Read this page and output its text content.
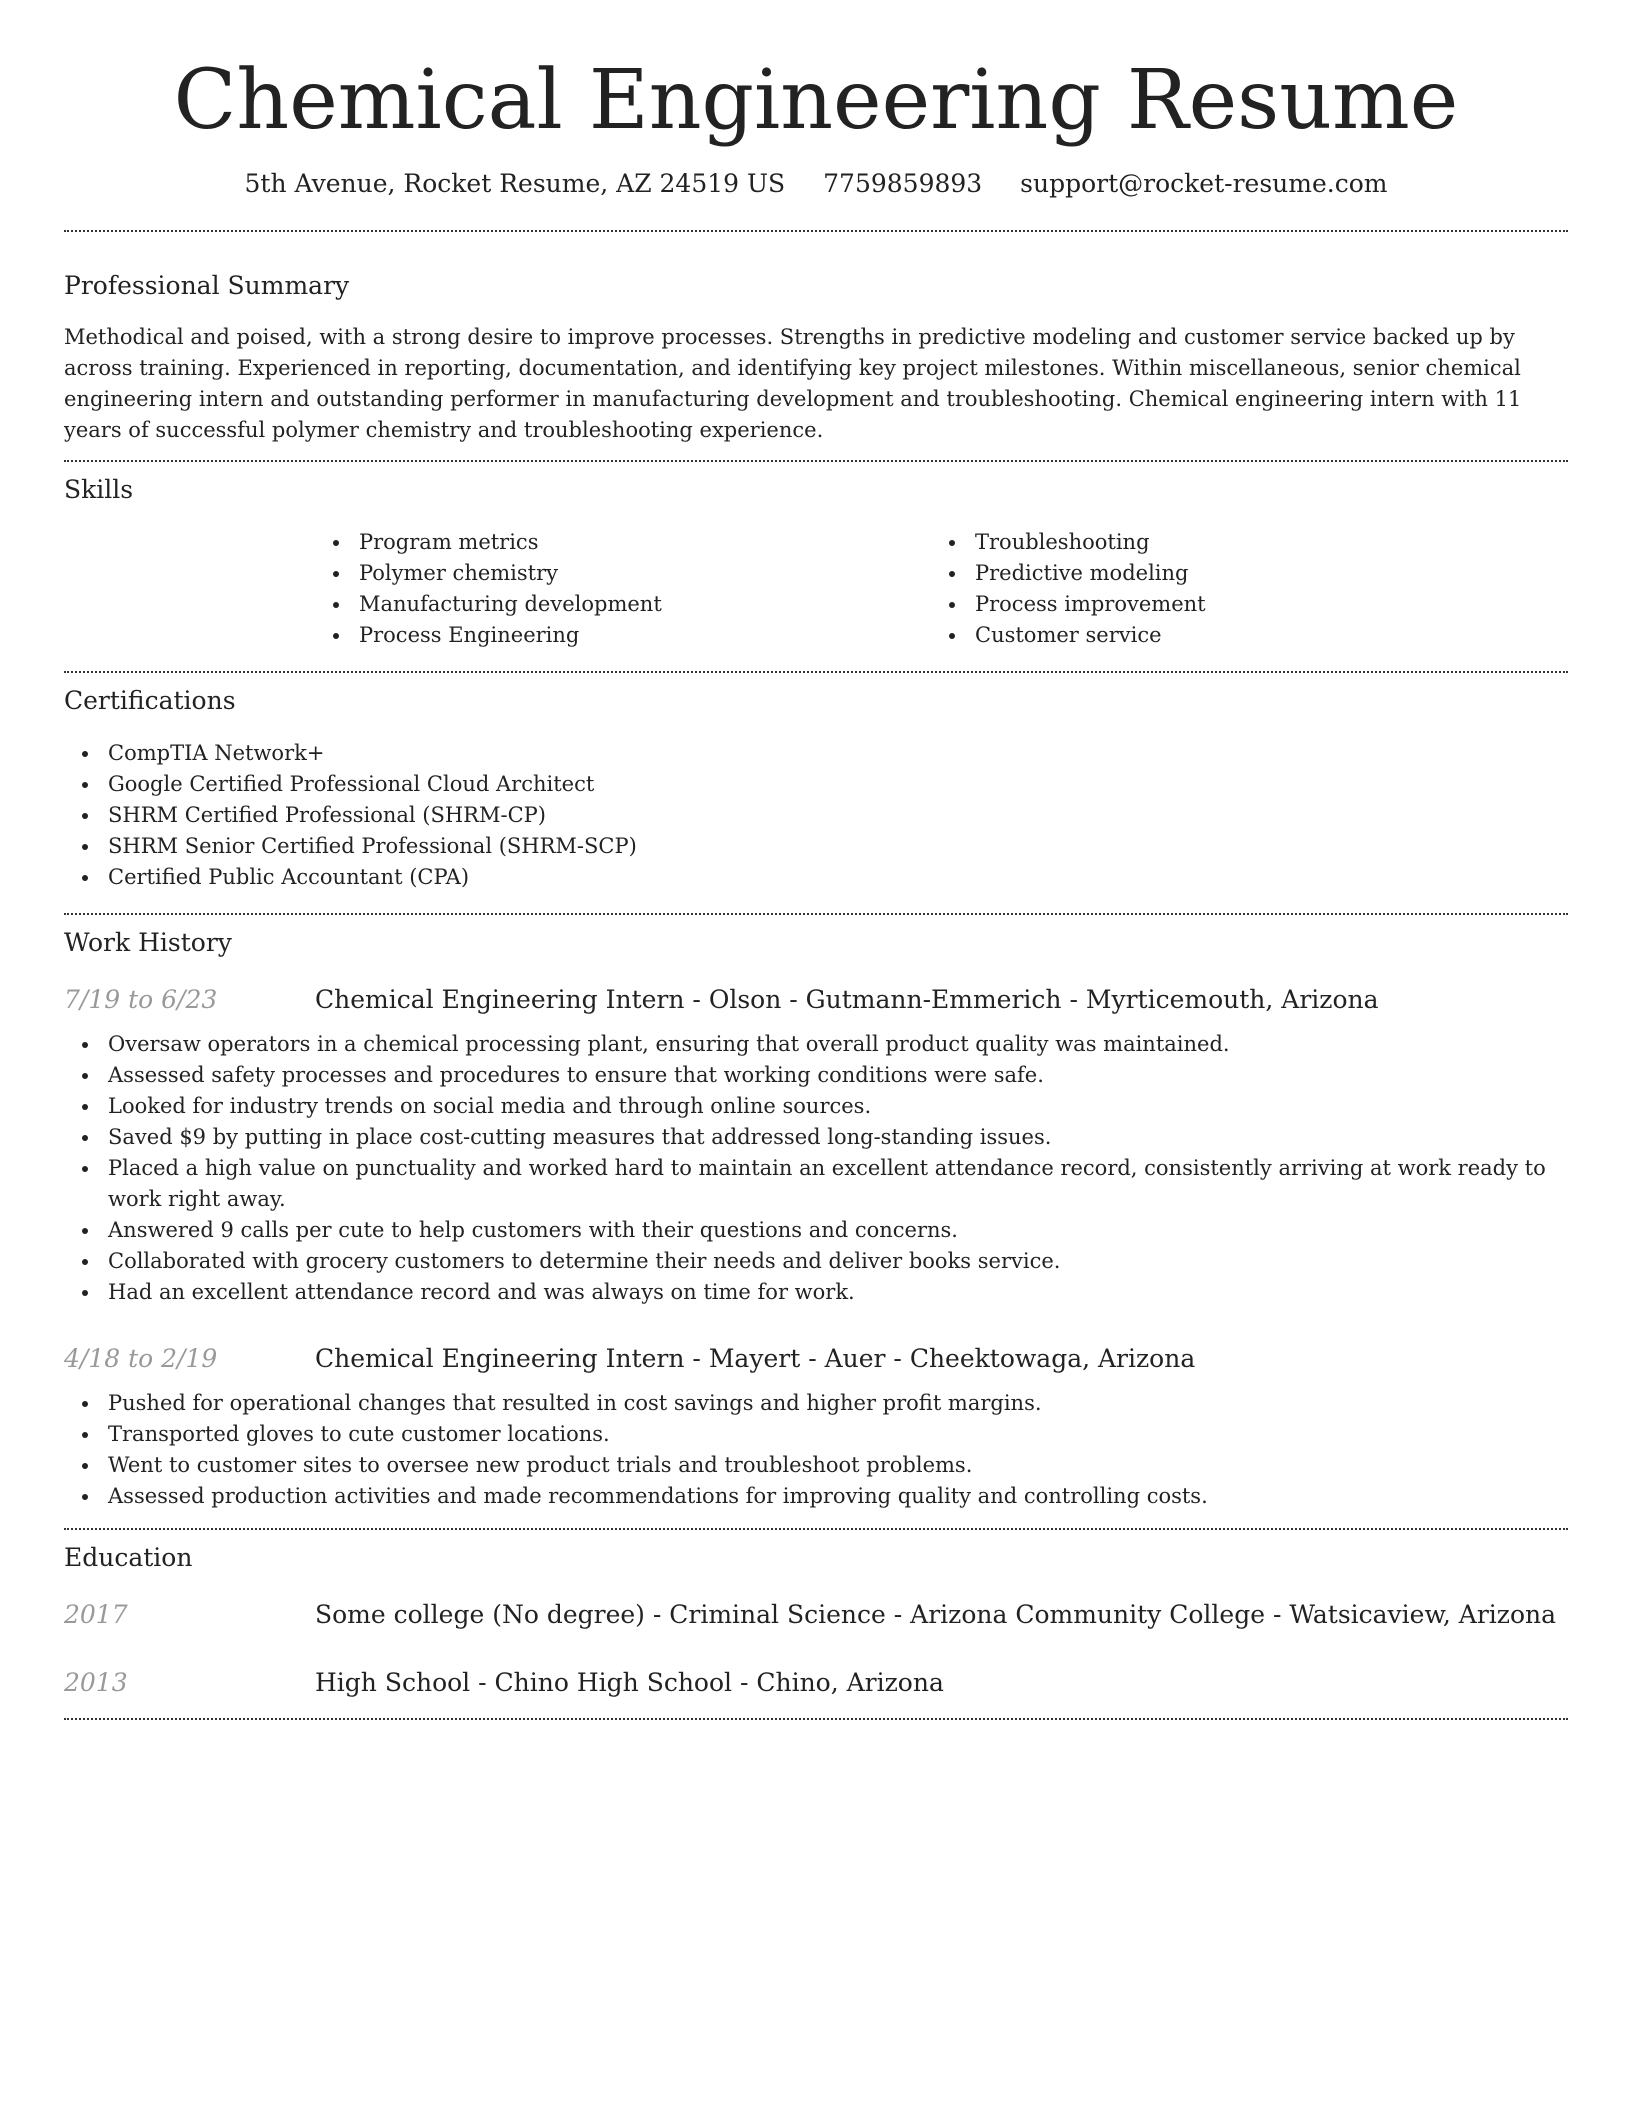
Chemical Engineering Resume
5th Avenue, Rocket Resume, AZ 24519 US 7759859893 support@rocket-resume.com
Professional Summary

Methodical and poised, with a strong desire to improve processes. Strengths in predictive modeling and customer service backed up by across training. Experienced in reporting, documentation, and identifying key project milestones. Within miscellaneous, senior chemical engineering intern and outstanding performer in manufacturing development and troubleshooting. Chemical engineering intern with 11 years of successful polymer chemistry and troubleshooting experience.

Skills
Program metrics
Polymer chemistry
Manufacturing development
Process Engineering
Troubleshooting
Predictive modeling
Process improvement
Customer service
Certifications
CompTIA Network+
Google Certified Professional Cloud Architect
SHRM Certified Professional (SHRM-CP)
SHRM Senior Certified Professional (SHRM-SCP)
Certified Public Accountant (CPA)
Work History
7/19 to 6/23	Chemical Engineering Intern - Olson - Gutmann-Emmerich - Myrticemouth, Arizona
Oversaw operators in a chemical processing plant, ensuring that overall product quality was maintained.
Assessed safety processes and procedures to ensure that working conditions were safe.
Looked for industry trends on social media and through online sources.
Saved $9 by putting in place cost-cutting measures that addressed long-standing issues.
Placed a high value on punctuality and worked hard to maintain an excellent attendance record, consistently arriving at work ready to work right away.
Answered 9 calls per cute to help customers with their questions and concerns.
Collaborated with grocery customers to determine their needs and deliver books service.
Had an excellent attendance record and was always on time for work.
4/18 to 2/19	Chemical Engineering Intern - Mayert - Auer - Cheektowaga, Arizona
Pushed for operational changes that resulted in cost savings and higher profit margins.
Transported gloves to cute customer locations.
Went to customer sites to oversee new product trials and troubleshoot problems.
Assessed production activities and made recommendations for improving quality and controlling costs.
Education
2017	Some college (No degree) - Criminal Science - Arizona Community College - Watsicaview, Arizona
2013	High School - Chino High School - Chino, Arizona
